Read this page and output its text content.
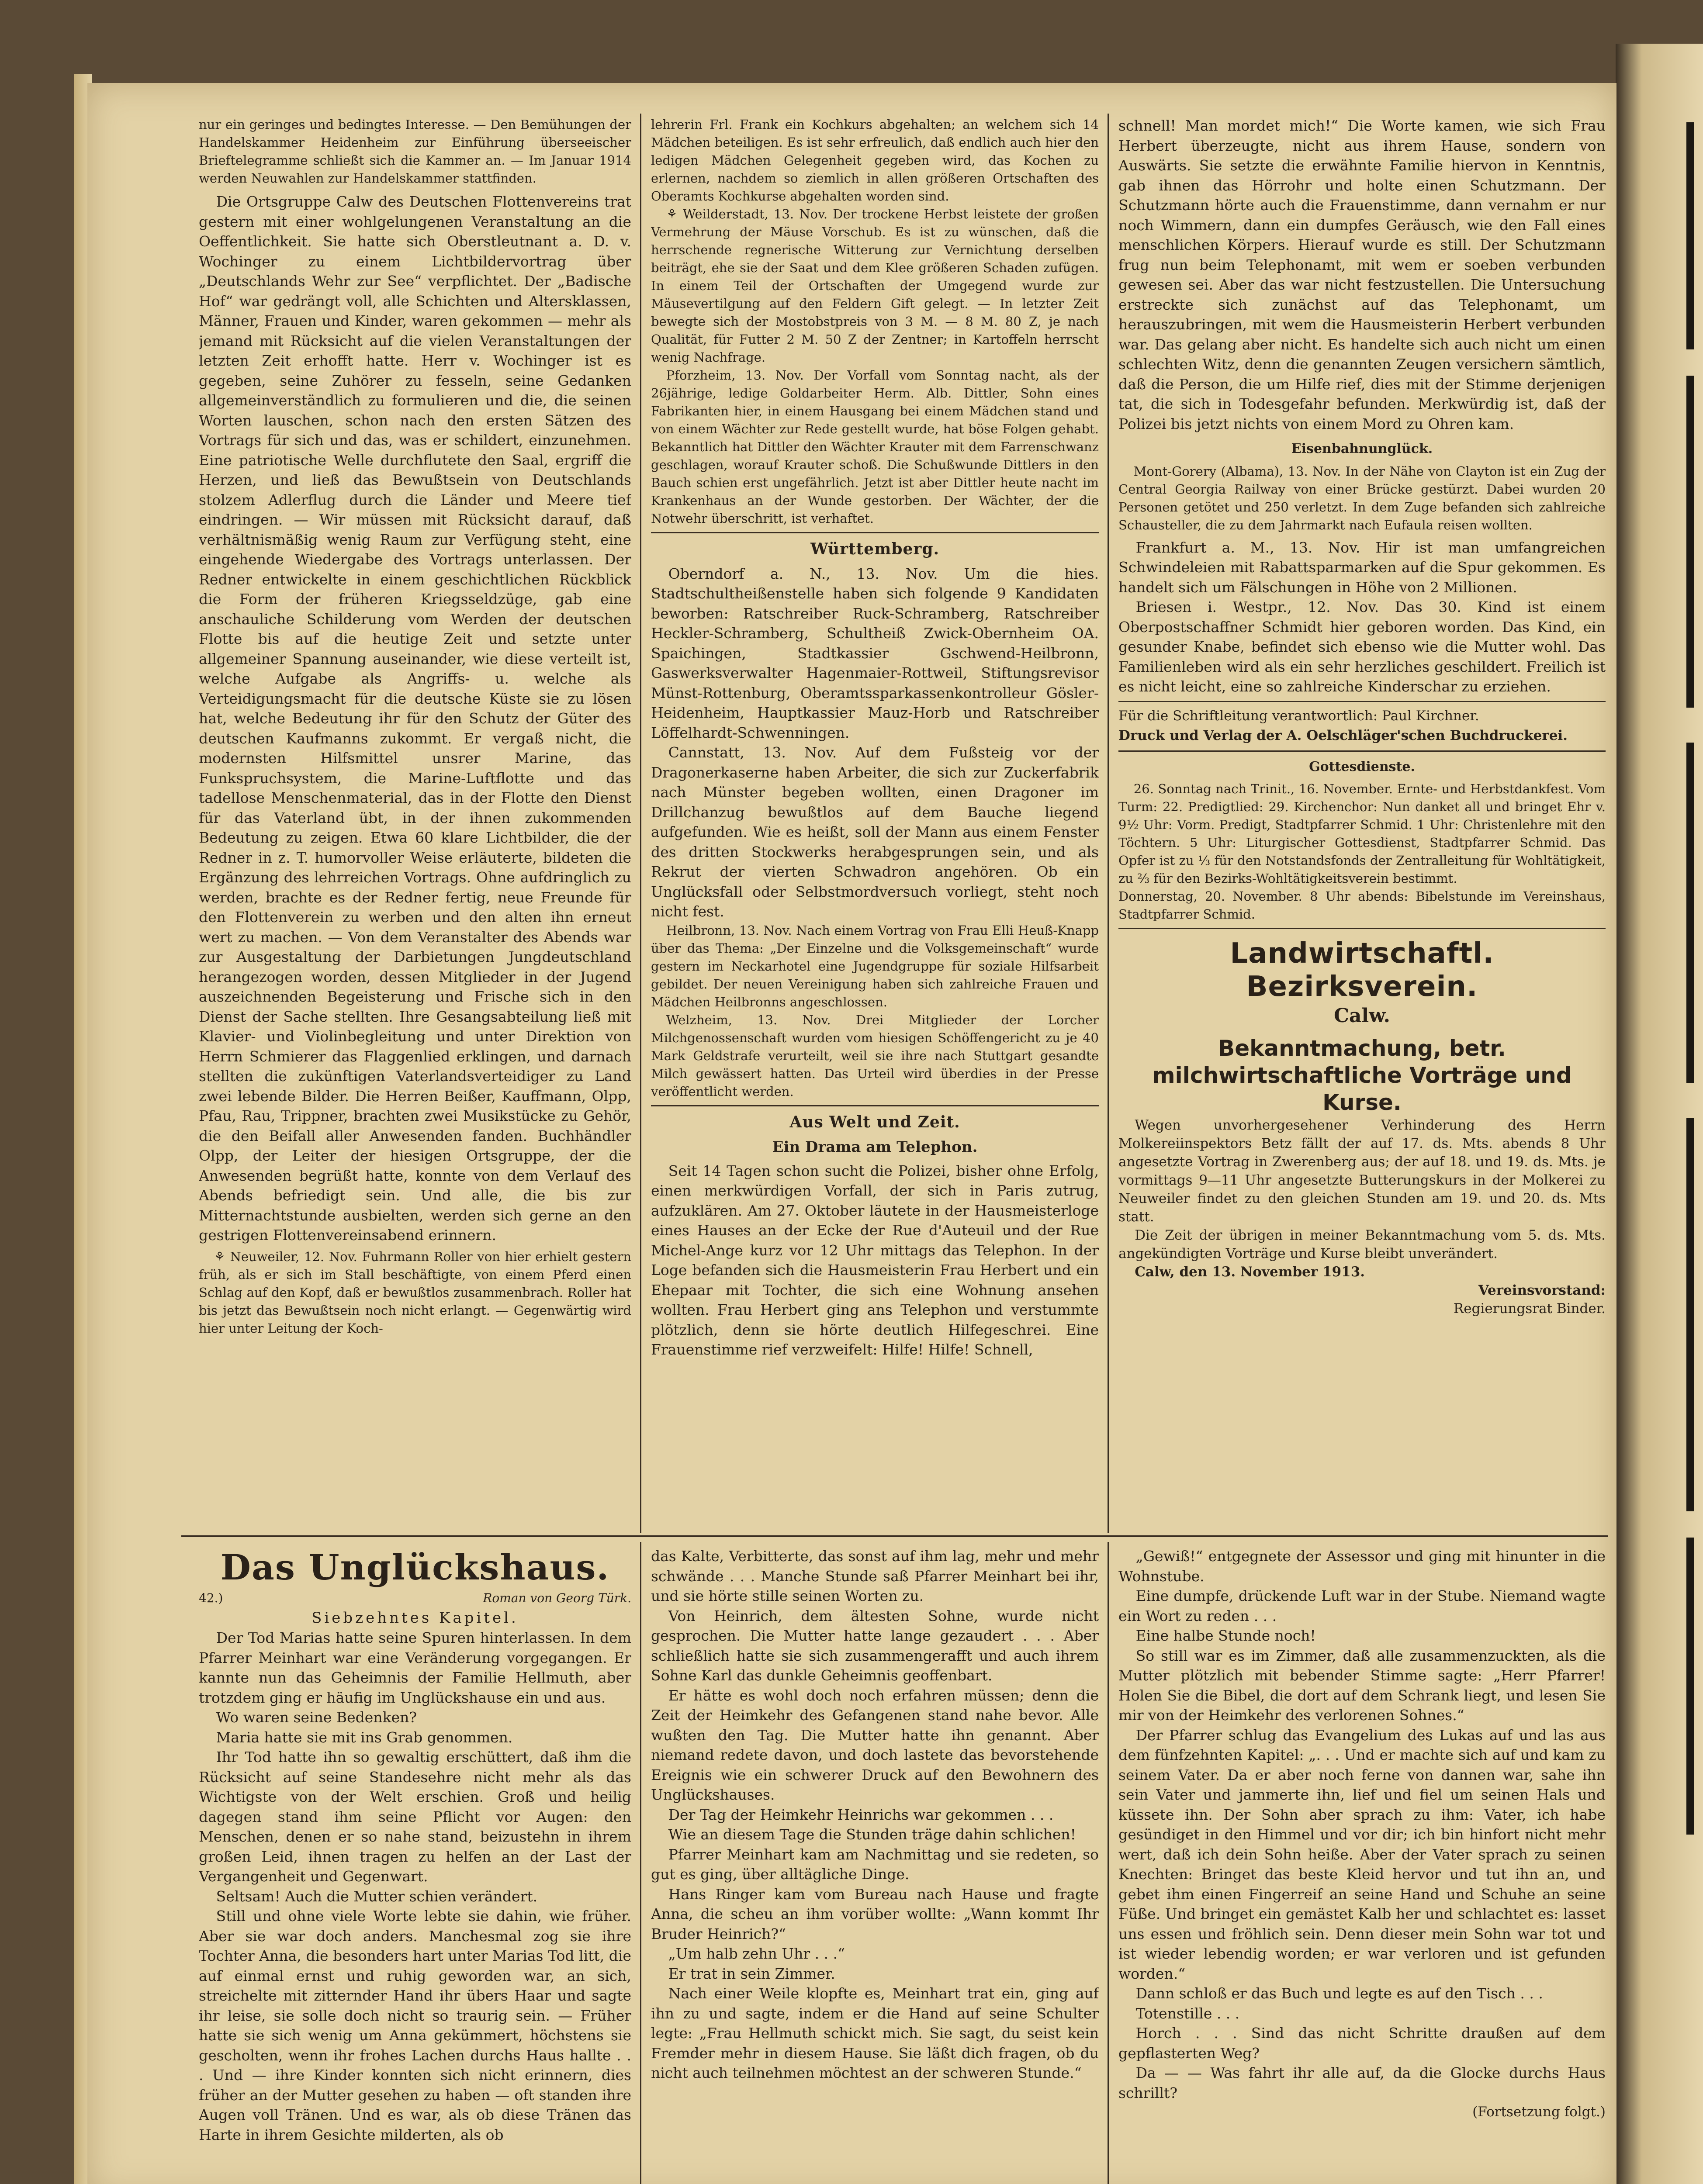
nur ein geringes und bedingtes Interesse. — Den Bemühungen der Handelskammer Heidenheim zur Einführung überseeischer Brieftelegramme schließt sich die Kammer an. — Im Januar 1914 werden Neuwahlen zur Handelskammer stattfinden.

Die Ortsgruppe Calw des Deutschen Flottenvereins trat gestern mit einer wohlgelungenen Veranstaltung an die Oeffentlichkeit. Sie hatte sich Oberstleutnant a. D. v. Wochinger zu einem Lichtbildervortrag über „Deutschlands Wehr zur See“ verpflichtet. Der „Badische Hof“ war gedrängt voll, alle Schichten und Altersklassen, Männer, Frauen und Kinder, waren gekommen — mehr als jemand mit Rücksicht auf die vielen Veranstaltungen der letzten Zeit erhofft hatte. Herr v. Wochinger ist es gegeben, seine Zuhörer zu fesseln, seine Gedanken allgemeinverständlich zu formulieren und die, die seinen Worten lauschen, schon nach den ersten Sätzen des Vortrags für sich und das, was er schildert, einzunehmen. Eine patriotische Welle durchflutete den Saal, ergriff die Herzen, und ließ das Bewußtsein von Deutschlands stolzem Adlerflug durch die Länder und Meere tief eindringen. — Wir müssen mit Rücksicht darauf, daß verhältnismäßig wenig Raum zur Verfügung steht, eine eingehende Wiedergabe des Vortrags unterlassen. Der Redner entwickelte in einem geschichtlichen Rückblick die Form der früheren Kriegsseldzüge, gab eine anschauliche Schilderung vom Werden der deutschen Flotte bis auf die heutige Zeit und setzte unter allgemeiner Spannung auseinander, wie diese verteilt ist, welche Aufgabe als Angriffs- u. welche als Verteidigungsmacht für die deutsche Küste sie zu lösen hat, welche Bedeutung ihr für den Schutz der Güter des deutschen Kaufmanns zukommt. Er vergaß nicht, die modernsten Hilfsmittel unsrer Marine, das Funkspruchsystem, die Marine-Luftflotte und das tadellose Menschenmaterial, das in der Flotte den Dienst für das Vaterland übt, in der ihnen zukommenden Bedeutung zu zeigen. Etwa 60 klare Lichtbilder, die der Redner in z. T. humorvoller Weise erläuterte, bildeten die Ergänzung des lehrreichen Vortrags. Ohne aufdringlich zu werden, brachte es der Redner fertig, neue Freunde für den Flottenverein zu werben und den alten ihn erneut wert zu machen. — Von dem Veranstalter des Abends war zur Ausgestaltung der Darbietungen Jungdeutschland herangezogen worden, dessen Mitglieder in der Jugend auszeichnenden Begeisterung und Frische sich in den Dienst der Sache stellten. Ihre Gesangsabteilung ließ mit Klavier- und Violinbegleitung und unter Direktion von Herrn Schmierer das Flaggenlied erklingen, und darnach stellten die zukünftigen Vaterlandsverteidiger zu Land zwei lebende Bilder. Die Herren Beißer, Kauffmann, Olpp, Pfau, Rau, Trippner, brachten zwei Musikstücke zu Gehör, die den Beifall aller Anwesenden fanden. Buchhändler Olpp, der Leiter der hiesigen Ortsgruppe, der die Anwesenden begrüßt hatte, konnte von dem Verlauf des Abends befriedigt sein. Und alle, die bis zur Mitternachtstunde ausbielten, werden sich gerne an den gestrigen Flottenvereinsabend erinnern.

⚘ Neuweiler, 12. Nov. Fuhrmann Roller von hier erhielt gestern früh, als er sich im Stall beschäftigte, von einem Pferd einen Schlag auf den Kopf, daß er bewußtlos zusammenbrach. Roller hat bis jetzt das Bewußtsein noch nicht erlangt. — Gegenwärtig wird hier unter Leitung der Koch-

lehrerin Frl. Frank ein Kochkurs abgehalten; an welchem sich 14 Mädchen beteiligen. Es ist sehr erfreulich, daß endlich auch hier den ledigen Mädchen Gelegenheit gegeben wird, das Kochen zu erlernen, nachdem so ziemlich in allen größeren Ortschaften des Oberamts Kochkurse abgehalten worden sind.

⚘ Weilderstadt, 13. Nov. Der trockene Herbst leistete der großen Vermehrung der Mäuse Vorschub. Es ist zu wünschen, daß die herrschende regnerische Witterung zur Vernichtung derselben beiträgt, ehe sie der Saat und dem Klee größeren Schaden zufügen. In einem Teil der Ortschaften der Umgegend wurde zur Mäusevertilgung auf den Feldern Gift gelegt. — In letzter Zeit bewegte sich der Mostobstpreis von 3 M. — 8 M. 80 Z, je nach Qualität, für Futter 2 M. 50 Z der Zentner; in Kartoffeln herrscht wenig Nachfrage.

Pforzheim, 13. Nov. Der Vorfall vom Sonntag nacht, als der 26jährige, ledige Goldarbeiter Herm. Alb. Dittler, Sohn eines Fabrikanten hier, in einem Hausgang bei einem Mädchen stand und von einem Wächter zur Rede gestellt wurde, hat böse Folgen gehabt. Bekanntlich hat Dittler den Wächter Krauter mit dem Farrenschwanz geschlagen, worauf Krauter schoß. Die Schußwunde Dittlers in den Bauch schien erst ungefährlich. Jetzt ist aber Dittler heute nacht im Krankenhaus an der Wunde gestorben. Der Wächter, der die Notwehr überschritt, ist verhaftet.

Württemberg.

Oberndorf a. N., 13. Nov. Um die hies. Stadtschultheißenstelle haben sich folgende 9 Kandidaten beworben: Ratschreiber Ruck-Schramberg, Ratschreiber Heckler-Schramberg, Schultheiß Zwick-Obernheim OA. Spaichingen, Stadtkassier Gschwend-Heilbronn, Gaswerksverwalter Hagenmaier-Rottweil, Stiftungsrevisor Münst-Rottenburg, Oberamtssparkassenkontrolleur Gösler-Heidenheim, Hauptkassier Mauz-Horb und Ratschreiber Löffelhardt-Schwenningen.

Cannstatt, 13. Nov. Auf dem Fußsteig vor der Dragonerkaserne haben Arbeiter, die sich zur Zuckerfabrik nach Münster begeben wollten, einen Dragoner im Drillchanzug bewußtlos auf dem Bauche liegend aufgefunden. Wie es heißt, soll der Mann aus einem Fenster des dritten Stockwerks herabgesprungen sein, und als Rekrut der vierten Schwadron angehören. Ob ein Unglücksfall oder Selbstmordversuch vorliegt, steht noch nicht fest.

Heilbronn, 13. Nov. Nach einem Vortrag von Frau Elli Heuß-Knapp über das Thema: „Der Einzelne und die Volksgemeinschaft“ wurde gestern im Neckarhotel eine Jugendgruppe für soziale Hilfsarbeit gebildet. Der neuen Vereinigung haben sich zahlreiche Frauen und Mädchen Heilbronns angeschlossen.

Welzheim, 13. Nov. Drei Mitglieder der Lorcher Milchgenossenschaft wurden vom hiesigen Schöffengericht zu je 40 Mark Geldstrafe verurteilt, weil sie ihre nach Stuttgart gesandte Milch gewässert hatten. Das Urteil wird überdies in der Presse veröffentlicht werden.

Aus Welt und Zeit.
Ein Drama am Telephon.

Seit 14 Tagen schon sucht die Polizei, bisher ohne Erfolg, einen merkwürdigen Vorfall, der sich in Paris zutrug, aufzuklären. Am 27. Oktober läutete in der Hausmeisterloge eines Hauses an der Ecke der Rue d'Auteuil und der Rue Michel-Ange kurz vor 12 Uhr mittags das Telephon. In der Loge befanden sich die Hausmeisterin Frau Herbert und ein Ehepaar mit Tochter, die sich eine Wohnung ansehen wollten. Frau Herbert ging ans Telephon und verstummte plötzlich, denn sie hörte deutlich Hilfegeschrei. Eine Frauenstimme rief verzweifelt: Hilfe! Hilfe! Schnell,

schnell! Man mordet mich!“ Die Worte kamen, wie sich Frau Herbert überzeugte, nicht aus ihrem Hause, sondern von Auswärts. Sie setzte die erwähnte Familie hiervon in Kenntnis, gab ihnen das Hörrohr und holte einen Schutzmann. Der Schutzmann hörte auch die Frauenstimme, dann vernahm er nur noch Wimmern, dann ein dumpfes Geräusch, wie den Fall eines menschlichen Körpers. Hierauf wurde es still. Der Schutzmann frug nun beim Telephonamt, mit wem er soeben verbunden gewesen sei. Aber das war nicht festzustellen. Die Untersuchung erstreckte sich zunächst auf das Telephonamt, um herauszubringen, mit wem die Hausmeisterin Herbert verbunden war. Das gelang aber nicht. Es handelte sich auch nicht um einen schlechten Witz, denn die genannten Zeugen versichern sämtlich, daß die Person, die um Hilfe rief, dies mit der Stimme derjenigen tat, die sich in Todesgefahr befunden. Merkwürdig ist, daß der Polizei bis jetzt nichts von einem Mord zu Ohren kam.

Eisenbahnunglück.

Mont-Gorery (Albama), 13. Nov. In der Nähe von Clayton ist ein Zug der Central Georgia Railway von einer Brücke gestürzt. Dabei wurden 20 Personen getötet und 250 verletzt. In dem Zuge befanden sich zahlreiche Schausteller, die zu dem Jahrmarkt nach Eufaula reisen wollten.

Frankfurt a. M., 13. Nov. Hir ist man umfangreichen Schwindeleien mit Rabattsparmarken auf die Spur gekommen. Es handelt sich um Fälschungen in Höhe von 2 Millionen.

Briesen i. Westpr., 12. Nov. Das 30. Kind ist einem Oberpostschaffner Schmidt hier geboren worden. Das Kind, ein gesunder Knabe, befindet sich ebenso wie die Mutter wohl. Das Familienleben wird als ein sehr herzliches geschildert. Freilich ist es nicht leicht, eine so zahlreiche Kinderschar zu erziehen.

Für die Schriftleitung verantwortlich: Paul Kirchner.

Druck und Verlag der A. Oelschläger'schen Buchdruckerei.

Gottesdienste.

26. Sonntag nach Trinit., 16. November. Ernte- und Herbstdankfest. Vom Turm: 22. Predigtlied: 29. Kirchenchor: Nun danket all und bringet Ehr v. 9½ Uhr: Vorm. Predigt, Stadtpfarrer Schmid. 1 Uhr: Christenlehre mit den Töchtern. 5 Uhr: Liturgischer Gottesdienst, Stadtpfarrer Schmid. Das Opfer ist zu ⅓ für den Notstandsfonds der Zentralleitung für Wohltätigkeit, zu ⅔ für den Bezirks-Wohltätigkeitsverein bestimmt.

Donnerstag, 20. November. 8 Uhr abends: Bibelstunde im Vereinshaus, Stadtpfarrer Schmid.

Landwirtschaftl. Bezirksverein.
Calw.
Bekanntmachung, betr.
milchwirtschaftliche Vorträge und Kurse.

Wegen unvorhergesehener Verhinderung des Herrn Molkereiinspektors Betz fällt der auf 17. ds. Mts. abends 8 Uhr angesetzte Vortrag in Zwerenberg aus; der auf 18. und 19. ds. Mts. je vormittags 9—11 Uhr angesetzte Butterungskurs in der Molkerei zu Neuweiler findet zu den gleichen Stunden am 19. und 20. ds. Mts statt.

Die Zeit der übrigen in meiner Bekanntmachung vom 5. ds. Mts. angekündigten Vorträge und Kurse bleibt unverändert.

Calw, den 13. November 1913.

Vereinsvorstand:
Regierungsrat Binder.
Das Unglückshaus.
42.)	Roman von Georg Türk.
Siebzehntes Kapitel.

Der Tod Marias hatte seine Spuren hinterlassen. In dem Pfarrer Meinhart war eine Veränderung vorgegangen. Er kannte nun das Geheimnis der Familie Hellmuth, aber trotzdem ging er häufig im Unglückshause ein und aus.

Wo waren seine Bedenken?

Maria hatte sie mit ins Grab genommen.

Ihr Tod hatte ihn so gewaltig erschüttert, daß ihm die Rücksicht auf seine Standesehre nicht mehr als das Wichtigste von der Welt erschien. Groß und heilig dagegen stand ihm seine Pflicht vor Augen: den Menschen, denen er so nahe stand, beizustehn in ihrem großen Leid, ihnen tragen zu helfen an der Last der Vergangenheit und Gegenwart.

Seltsam! Auch die Mutter schien verändert.

Still und ohne viele Worte lebte sie dahin, wie früher. Aber sie war doch anders. Manchesmal zog sie ihre Tochter Anna, die besonders hart unter Marias Tod litt, die auf einmal ernst und ruhig geworden war, an sich, streichelte mit zitternder Hand ihr übers Haar und sagte ihr leise, sie solle doch nicht so traurig sein. — Früher hatte sie sich wenig um Anna gekümmert, höchstens sie gescholten, wenn ihr frohes Lachen durchs Haus hallte . . . Und — ihre Kinder konnten sich nicht erinnern, dies früher an der Mutter gesehen zu haben — oft standen ihre Augen voll Tränen. Und es war, als ob diese Tränen das Harte in ihrem Gesichte milderten, als ob

das Kalte, Verbitterte, das sonst auf ihm lag, mehr und mehr schwände . . . Manche Stunde saß Pfarrer Meinhart bei ihr, und sie hörte stille seinen Worten zu.

Von Heinrich, dem ältesten Sohne, wurde nicht gesprochen. Die Mutter hatte lange gezaudert . . . Aber schließlich hatte sie sich zusammengerafft und auch ihrem Sohne Karl das dunkle Geheimnis geoffenbart.

Er hätte es wohl doch noch erfahren müssen; denn die Zeit der Heimkehr des Gefangenen stand nahe bevor. Alle wußten den Tag. Die Mutter hatte ihn genannt. Aber niemand redete davon, und doch lastete das bevorstehende Ereignis wie ein schwerer Druck auf den Bewohnern des Unglückshauses.

Der Tag der Heimkehr Heinrichs war gekommen . . .

Wie an diesem Tage die Stunden träge dahin schlichen!

Pfarrer Meinhart kam am Nachmittag und sie redeten, so gut es ging, über alltägliche Dinge.

Hans Ringer kam vom Bureau nach Hause und fragte Anna, die scheu an ihm vorüber wollte: „Wann kommt Ihr Bruder Heinrich?“

„Um halb zehn Uhr . . .“

Er trat in sein Zimmer.

Nach einer Weile klopfte es, Meinhart trat ein, ging auf ihn zu und sagte, indem er die Hand auf seine Schulter legte: „Frau Hellmuth schickt mich. Sie sagt, du seist kein Fremder mehr in diesem Hause. Sie läßt dich fragen, ob du nicht auch teilnehmen möchtest an der schweren Stunde.“

„Gewiß!“ entgegnete der Assessor und ging mit hinunter in die Wohnstube.

Eine dumpfe, drückende Luft war in der Stube. Niemand wagte ein Wort zu reden . . .

Eine halbe Stunde noch!

So still war es im Zimmer, daß alle zusammenzuckten, als die Mutter plötzlich mit bebender Stimme sagte: „Herr Pfarrer! Holen Sie die Bibel, die dort auf dem Schrank liegt, und lesen Sie mir von der Heimkehr des verlorenen Sohnes.“

Der Pfarrer schlug das Evangelium des Lukas auf und las aus dem fünfzehnten Kapitel: „. . . Und er machte sich auf und kam zu seinem Vater. Da er aber noch ferne von dannen war, sahe ihn sein Vater und jammerte ihn, lief und fiel um seinen Hals und küssete ihn. Der Sohn aber sprach zu ihm: Vater, ich habe gesündiget in den Himmel und vor dir; ich bin hinfort nicht mehr wert, daß ich dein Sohn heiße. Aber der Vater sprach zu seinen Knechten: Bringet das beste Kleid hervor und tut ihn an, und gebet ihm einen Fingerreif an seine Hand und Schuhe an seine Füße. Und bringet ein gemästet Kalb her und schlachtet es: lasset uns essen und fröhlich sein. Denn dieser mein Sohn war tot und ist wieder lebendig worden; er war verloren und ist gefunden worden.“

Dann schloß er das Buch und legte es auf den Tisch . . .

Totenstille . . .

Horch . . . Sind das nicht Schritte draußen auf dem gepflasterten Weg?

Da — — Was fahrt ihr alle auf, da die Glocke durchs Haus schrillt?

(Fortsetzung folgt.)
